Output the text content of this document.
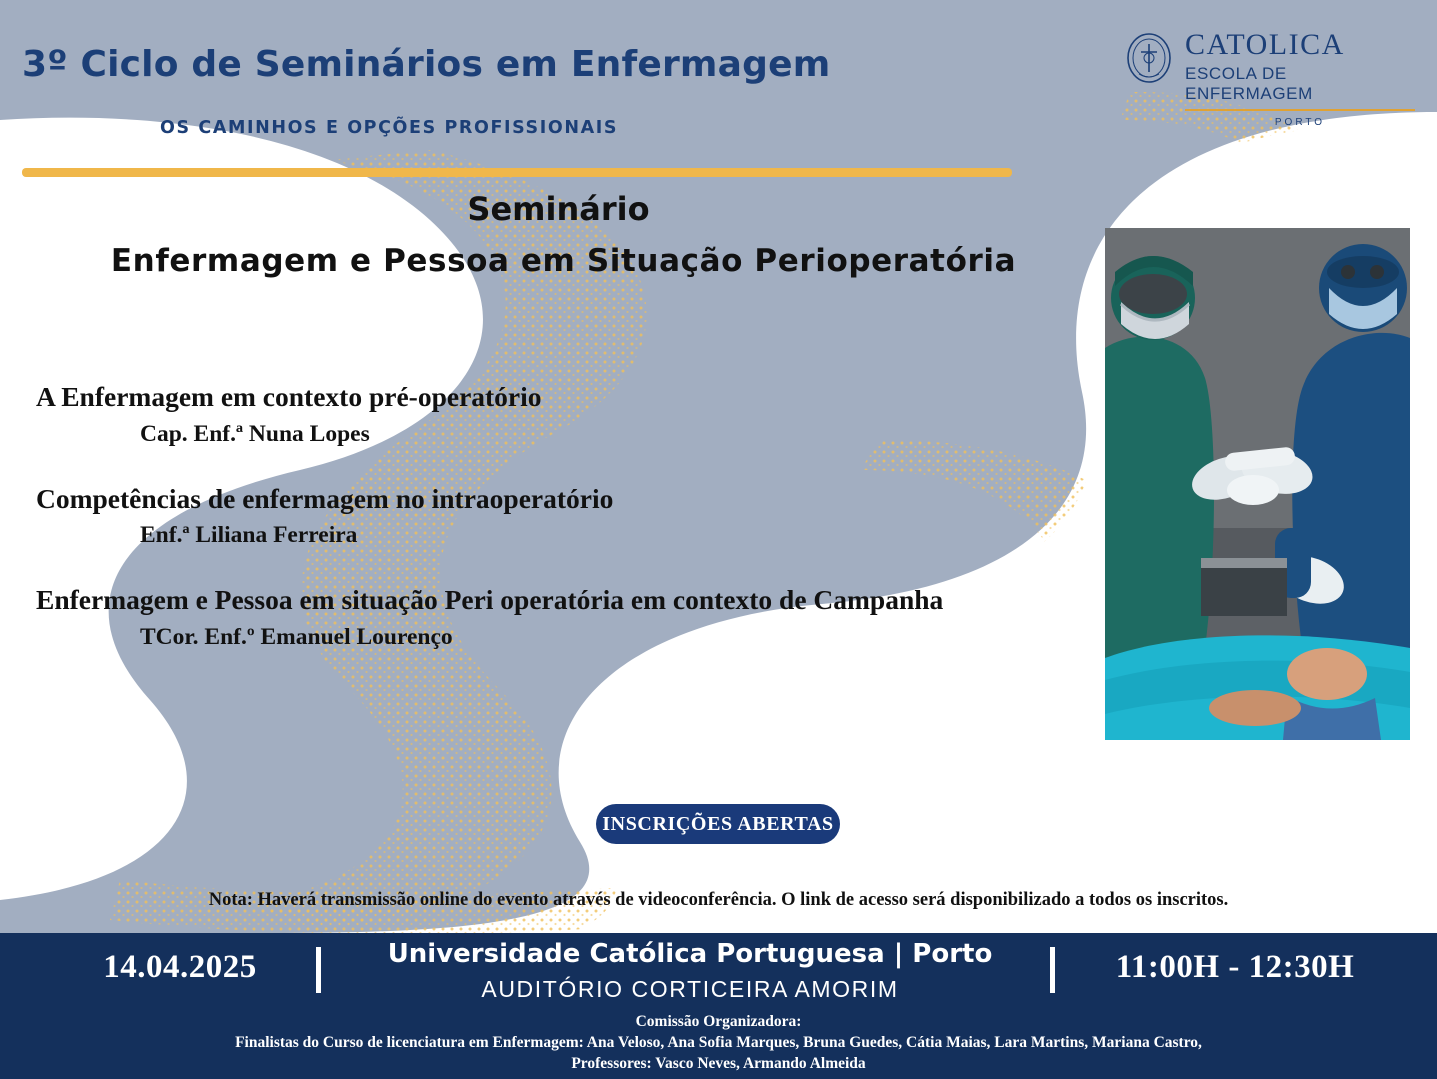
3º Ciclo de Seminários em Enfermagem
OS CAMINHOS E OPÇÕES PROFISSIONAIS
CATOLICA
ESCOLA DE ENFERMAGEM
PORTO
Seminário
Enfermagem e Pessoa em Situação Perioperatória
A Enfermagem em contexto pré-operatório
Cap. Enf.ª Nuna Lopes
Competências de enfermagem no intraoperatório
Enf.ª Liliana Ferreira
Enfermagem e Pessoa em situação Peri operatória em contexto de Campanha
TCor. Enf.º Emanuel Lourenço
INSCRIÇÕES ABERTAS
Nota: Haverá transmissão online do evento através de videoconferência. O link de acesso será disponibilizado a todos os inscritos.
14.04.2025	Universidade Católica Portuguesa | Porto
AUDITÓRIO CORTICEIRA AMORIM
11:00H - 12:30H
Comissão Organizadora:
Finalistas do Curso de licenciatura em Enfermagem: Ana Veloso, Ana Sofia Marques, Bruna Guedes, Cátia Maias, Lara Martins, Mariana Castro,
Professores: Vasco Neves, Armando Almeida
